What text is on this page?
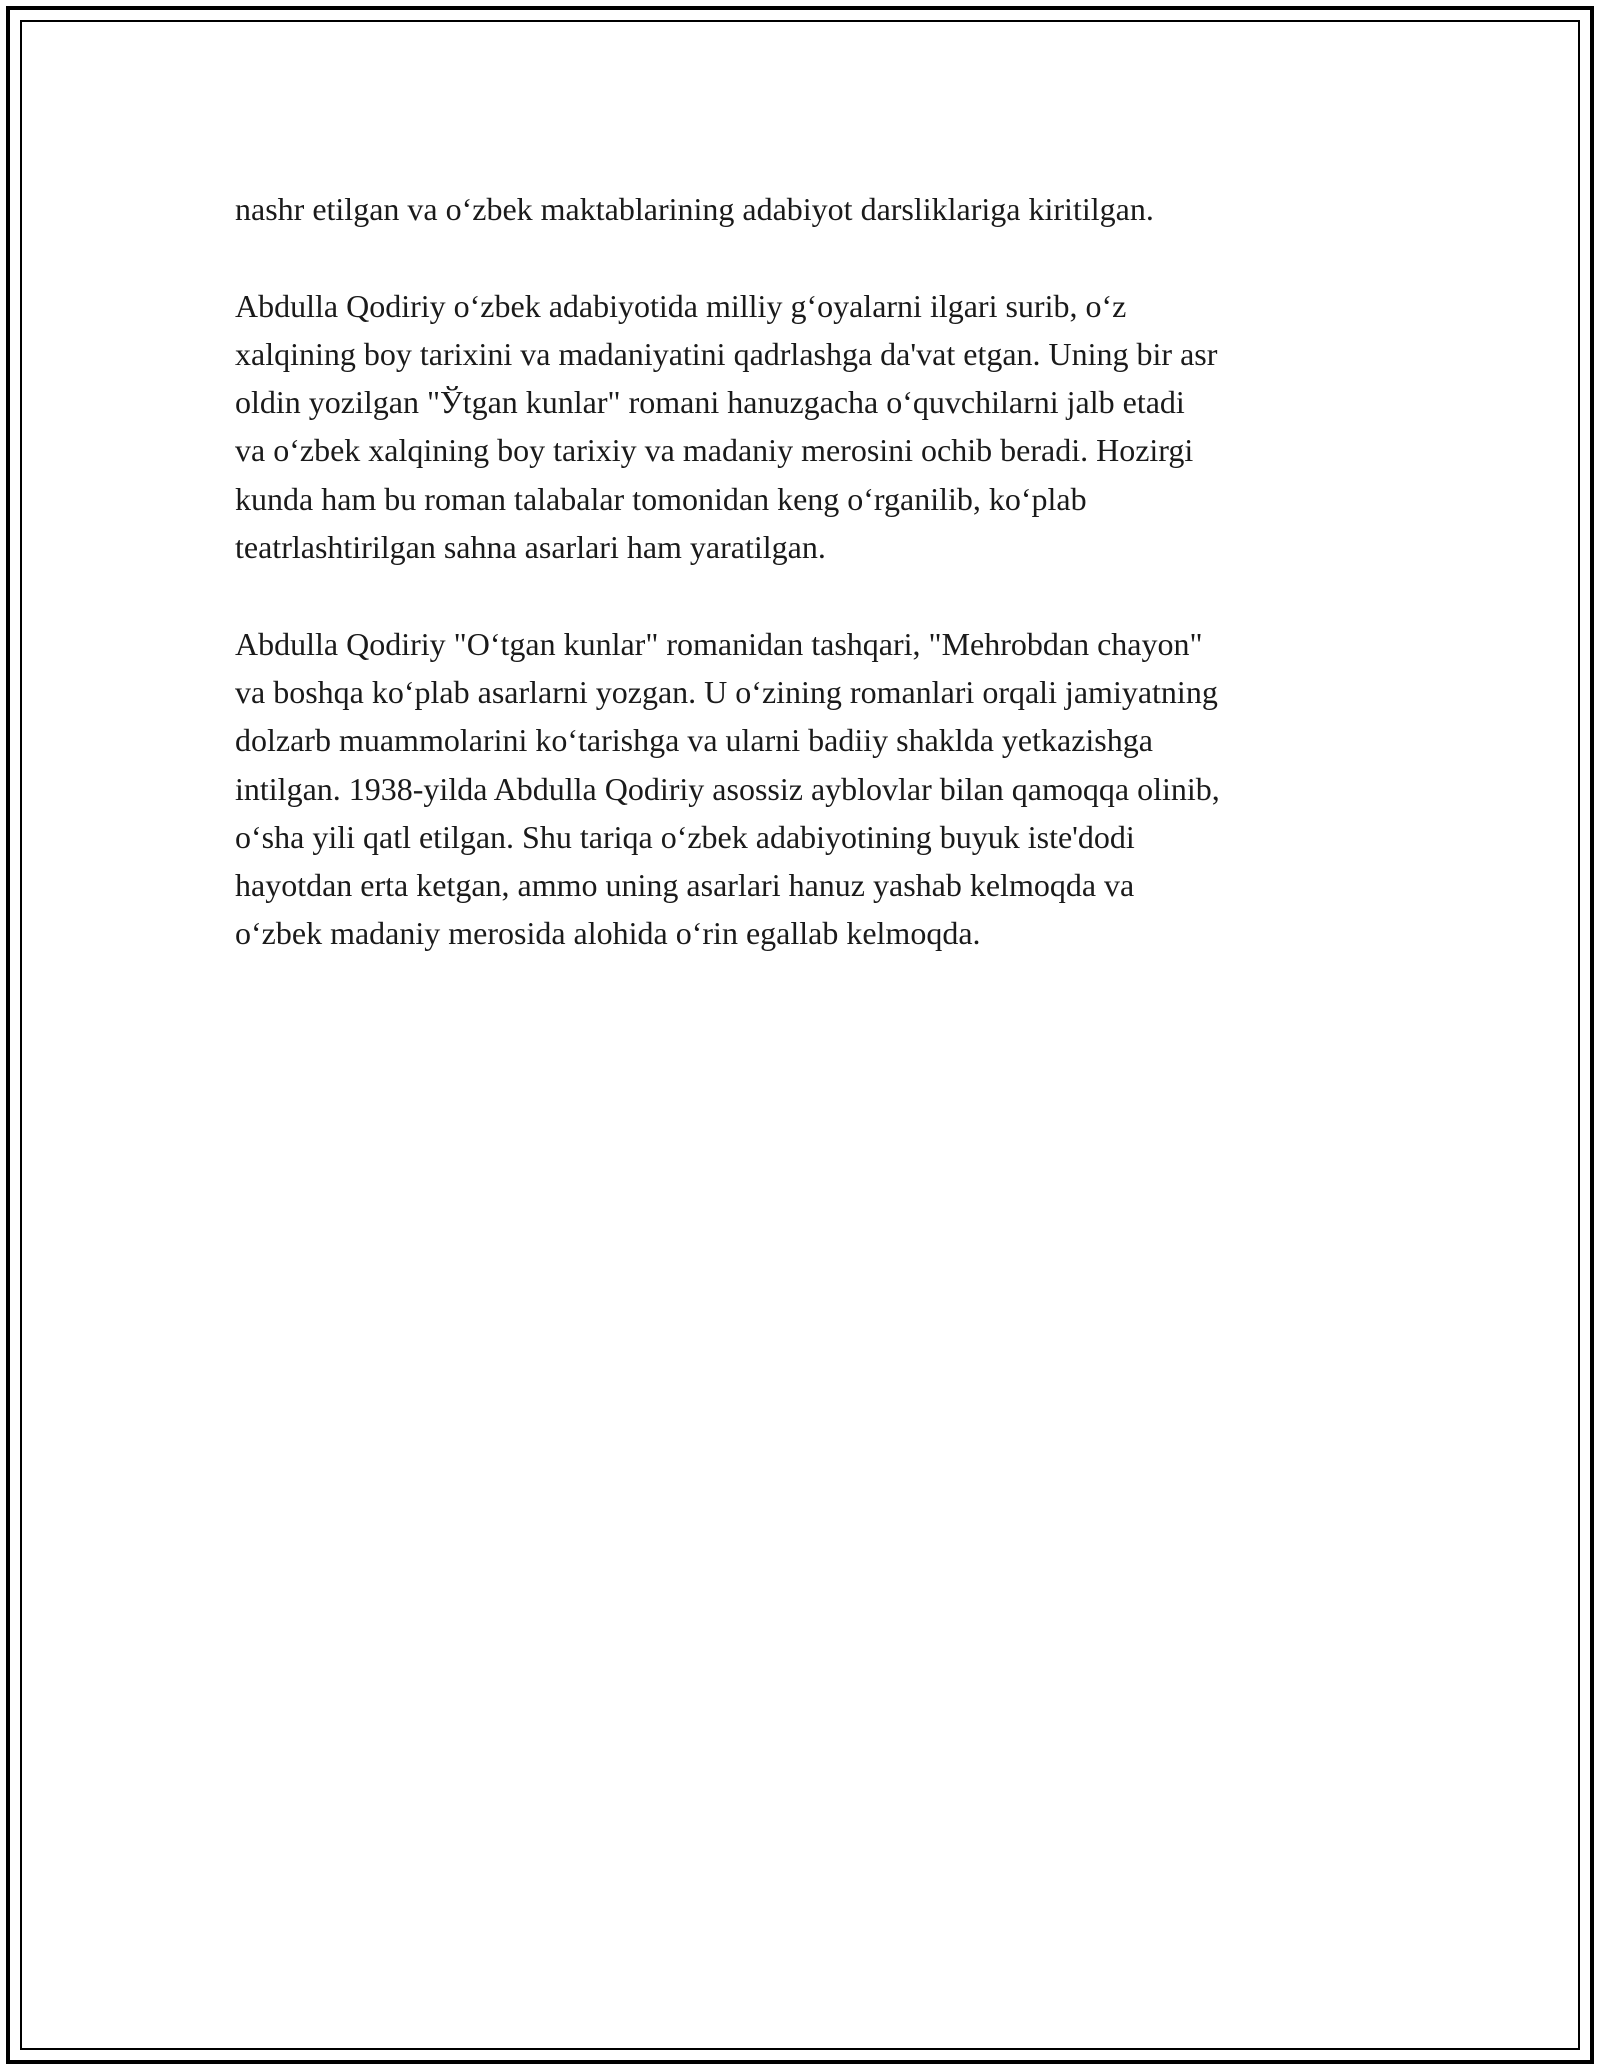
nashr etilgan va o‘zbek maktablarining adabiyot darsliklariga kiritilgan.

Abdulla Qodiriy o‘zbek adabiyotida milliy g‘oyalarni ilgari surib, o‘z
xalqining boy tarixini va madaniyatini qadrlashga da'vat etgan. Uning bir asr
oldin yozilgan "Ўtgan kunlar" romani hanuzgacha o‘quvchilarni jalb etadi
va o‘zbek xalqining boy tarixiy va madaniy merosini ochib beradi. Hozirgi
kunda ham bu roman talabalar tomonidan keng o‘rganilib, ko‘plab
teatrlashtirilgan sahna asarlari ham yaratilgan.

Abdulla Qodiriy "O‘tgan kunlar" romanidan tashqari, "Mehrobdan chayon"
va boshqa ko‘plab asarlarni yozgan. U o‘zining romanlari orqali jamiyatning
dolzarb muammolarini ko‘tarishga va ularni badiiy shaklda yetkazishga
intilgan. 1938-yilda Abdulla Qodiriy asossiz ayblovlar bilan qamoqqa olinib,
o‘sha yili qatl etilgan. Shu tariqa o‘zbek adabiyotining buyuk iste'dodi
hayotdan erta ketgan, ammo uning asarlari hanuz yashab kelmoqda va
o‘zbek madaniy merosida alohida o‘rin egallab kelmoqda.
